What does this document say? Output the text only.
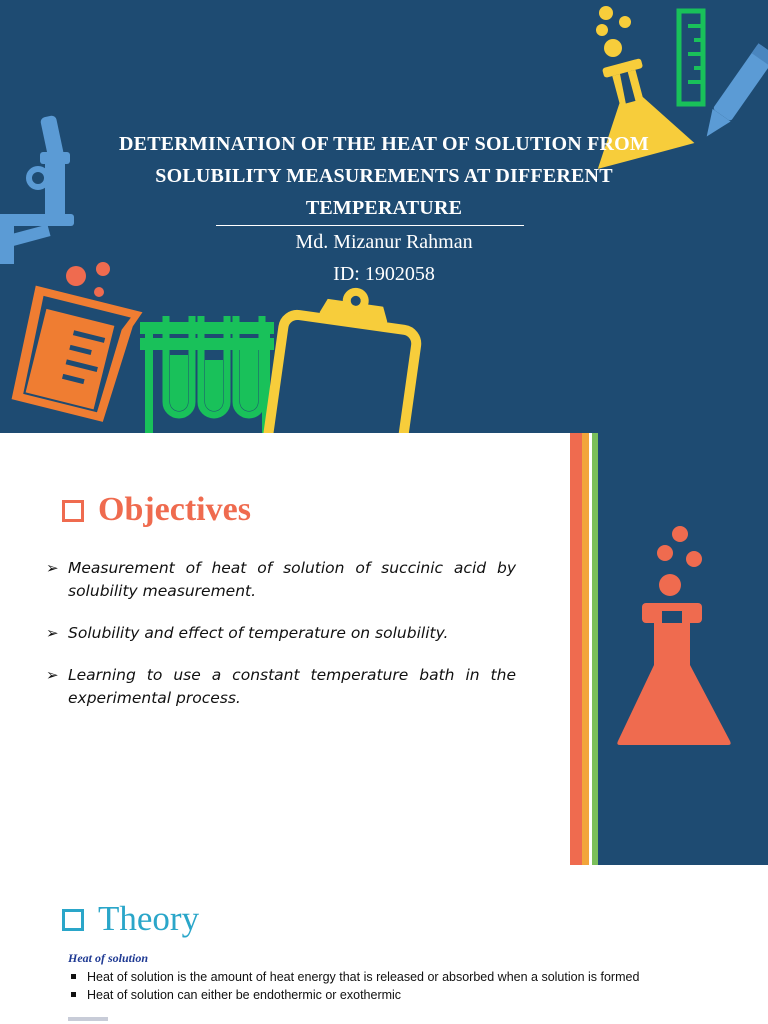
DETERMINATION OF THE HEAT OF SOLUTION FROM
SOLUBILITY MEASUREMENTS AT DIFFERENT
TEMPERATURE
Md. Mizanur Rahman
ID: 1902058
Objectives
➢ Measurement of heat of solution of succinic acid by solubility measurement.
➢ Solubility and effect of temperature on solubility.
➢ Learning to use a constant temperature bath in the experimental process.
Theory
Heat of solution
Heat of solution is the amount of heat energy that is released or absorbed when a solution is formed
Heat of solution can either be endothermic or exothermic
